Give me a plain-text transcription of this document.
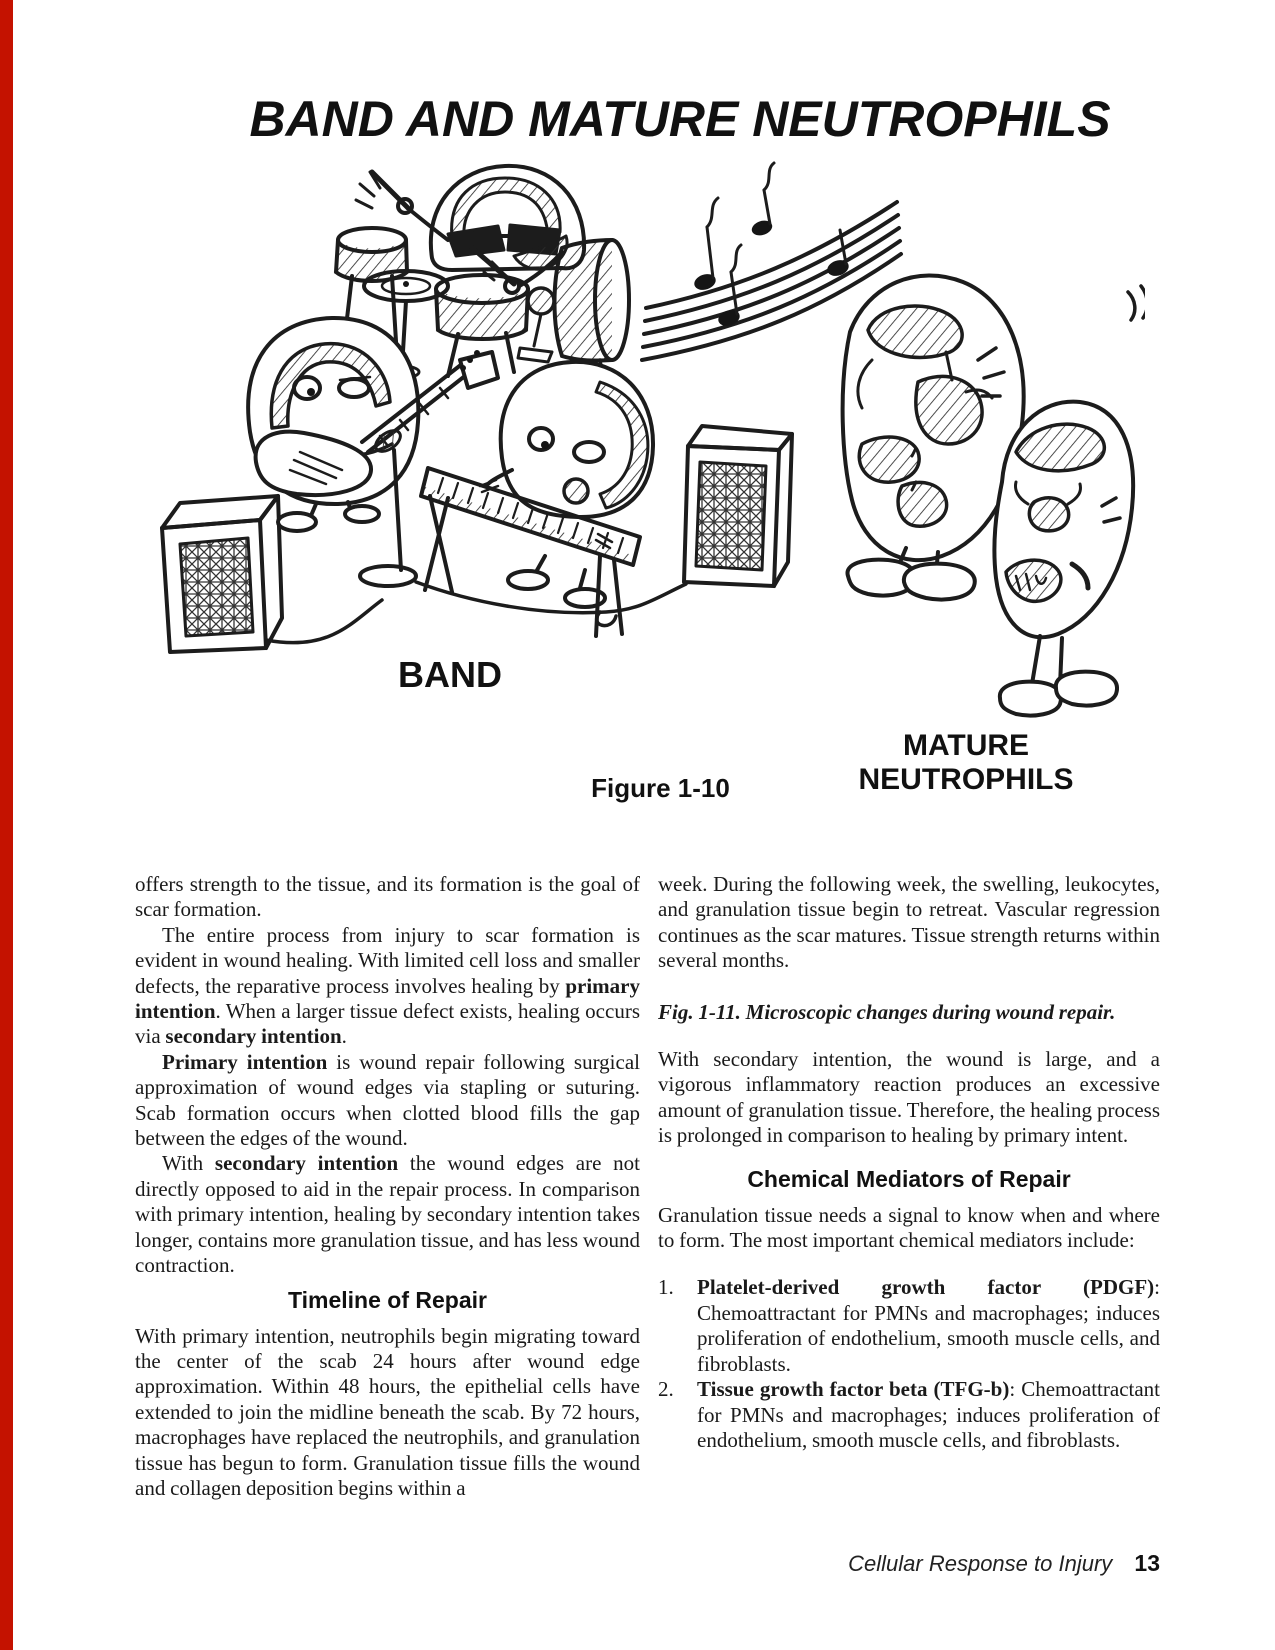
BAND AND MATURE NEUTROPHILS
BAND
MATURE NEUTROPHILS
Figure 1-10

offers strength to the tissue, and its formation is the goal of scar formation.

The entire process from injury to scar formation is evident in wound healing. With limited cell loss and smaller defects, the reparative process involves healing by primary intention. When a larger tissue defect exists, healing occurs via secondary intention.

Primary intention is wound repair following surgical approximation of wound edges via stapling or suturing. Scab formation occurs when clotted blood fills the gap between the edges of the wound.

With secondary intention the wound edges are not directly opposed to aid in the repair process. In comparison with primary intention, healing by secondary intention takes longer, contains more granulation tissue, and has less wound contraction.

Timeline of Repair

With primary intention, neutrophils begin migrating toward the center of the scab 24 hours after wound edge approximation. Within 48 hours, the epithelial cells have extended to join the midline beneath the scab. By 72 hours, macrophages have replaced the neutrophils, and granulation tissue has begun to form. Granulation tissue fills the wound and collagen deposition begins within a

week. During the following week, the swelling, leukocytes, and granulation tissue begin to retreat. Vascular regression continues as the scar matures. Tissue strength returns within several months.

Fig. 1-11. Microscopic changes during wound repair.

With secondary intention, the wound is large, and a vigorous inflammatory reaction produces an excessive amount of granulation tissue. Therefore, the healing process is prolonged in comparison to healing by primary intent.

Chemical Mediators of Repair

Granulation tissue needs a signal to know when and where to form. The most important chemical mediators include:

1. Platelet-derived growth factor (PDGF): Chemoattractant for PMNs and macrophages; induces proliferation of endothelium, smooth muscle cells, and fibroblasts.
2. Tissue growth factor beta (TFG-b): Chemoattractant for PMNs and macrophages; induces proliferation of endothelium, smooth muscle cells, and fibroblasts.
Cellular Response to Injury 13
